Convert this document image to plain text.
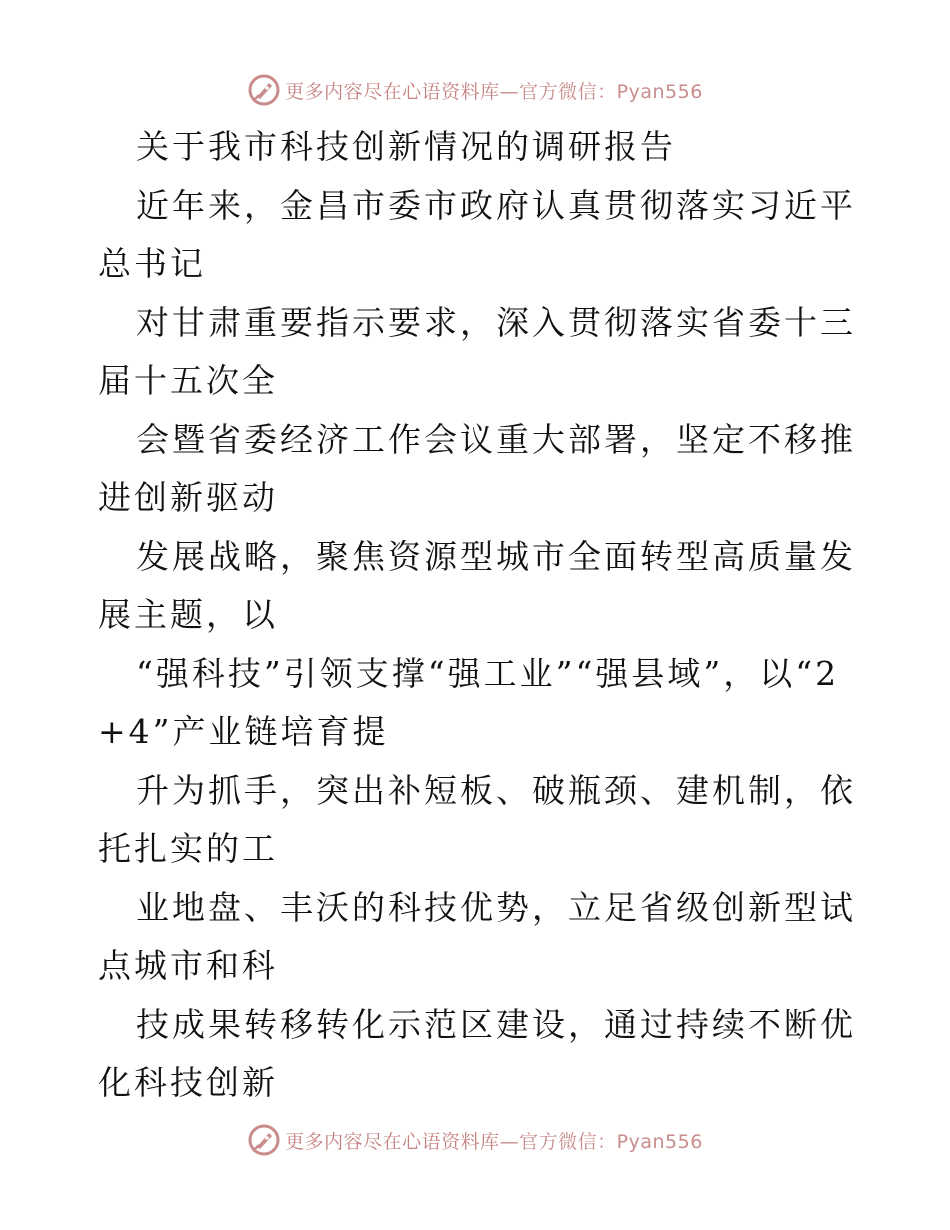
更多内容尽在心语资料库—官方微信：Pyan556

关于我市科技创新情况的调研报告

近年来，金昌市委市政府认真贯彻落实习近平总书记

对甘肃重要指示要求，深入贯彻落实省委十三届十五次全

会暨省委经济工作会议重大部署，坚定不移推进创新驱动

发展战略，聚焦资源型城市全面转型高质量发展主题，以

“强科技”引领支撑“强工业”“强县域”，以“2+4”产业链培育提

升为抓手，突出补短板、破瓶颈、建机制，依托扎实的工

业地盘、丰沃的科技优势，立足省级创新型试点城市和科

技成果转移转化示范区建设，通过持续不断优化科技创新

更多内容尽在心语资料库—官方微信：Pyan556
